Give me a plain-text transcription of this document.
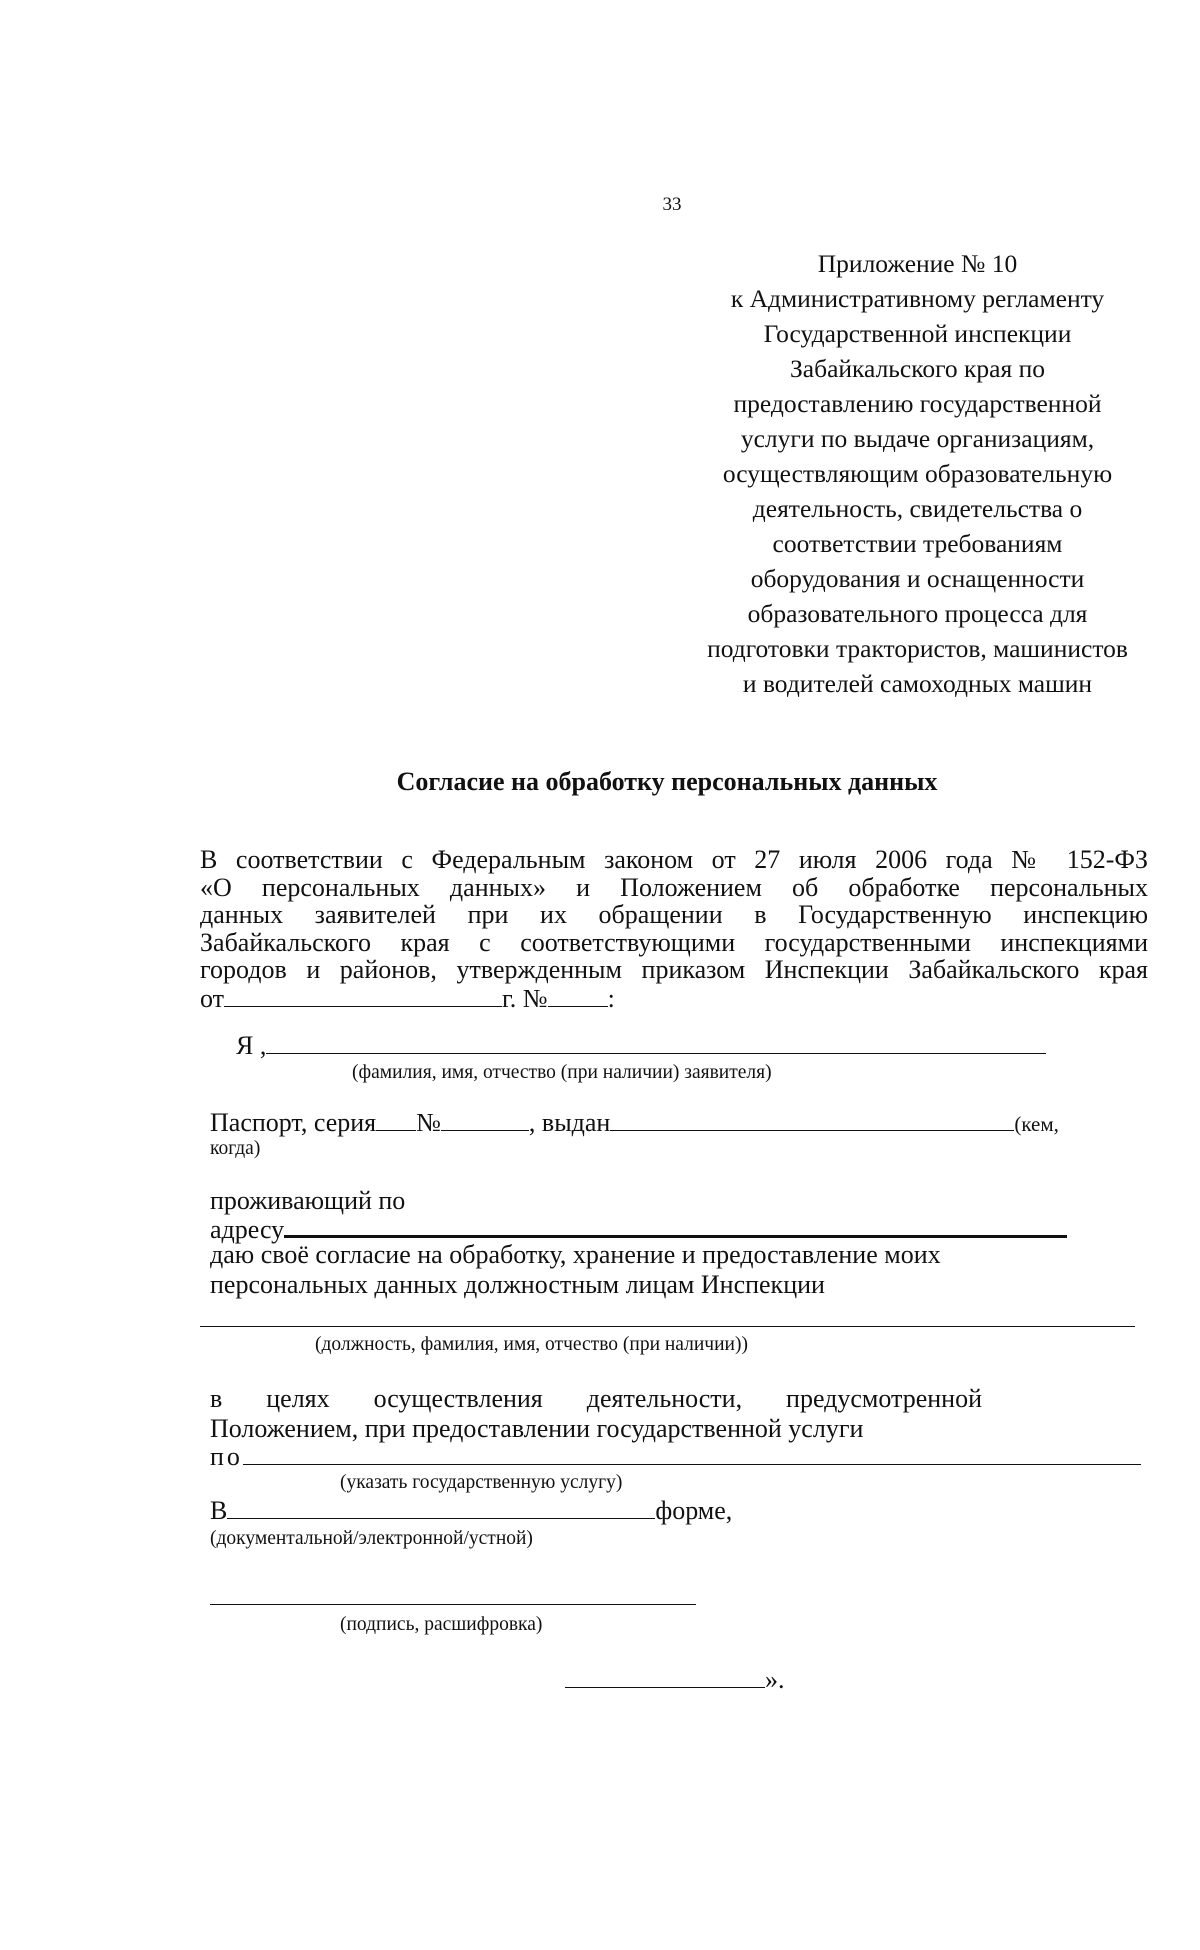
33
Приложение № 10
к Административному регламенту
Государственной инспекции
Забайкальского края по
предоставлению государственной
услуги по выдаче организациям,
осуществляющим образовательную
деятельность, свидетельства о
соответствии требованиям
оборудования и оснащенности
образовательного процесса для
подготовки трактористов, машинистов
и водителей самоходных машин
Согласие на обработку персональных данных
В соответствии с Федеральным законом от 27 июля 2006 года № 152-ФЗ
«О персональных данных» и Положением об обработке персональных
данных заявителей при их обращении в Государственную инспекцию
Забайкальского края с соответствующими государственными инспекциями
городов и районов, утвержденным приказом Инспекции Забайкальского края
от	г. № :
Я ,
(фамилия, имя, отчество (при наличии) заявителя)
Паспорт, серия №	, выдан	(кем,
когда)
проживающий по
адресу
даю своё согласие на обработку, хранение и предоставление моих
персональных данных должностным лицам Инспекции
(должность, фамилия, имя, отчество (при наличии))
в целях осуществления деятельности, предусмотренной
Положением, при предоставлении государственной услуги
по
(указать государственную услугу)
В	форме,
(документальной/электронной/устной)
(подпись, расшифровка)
».
